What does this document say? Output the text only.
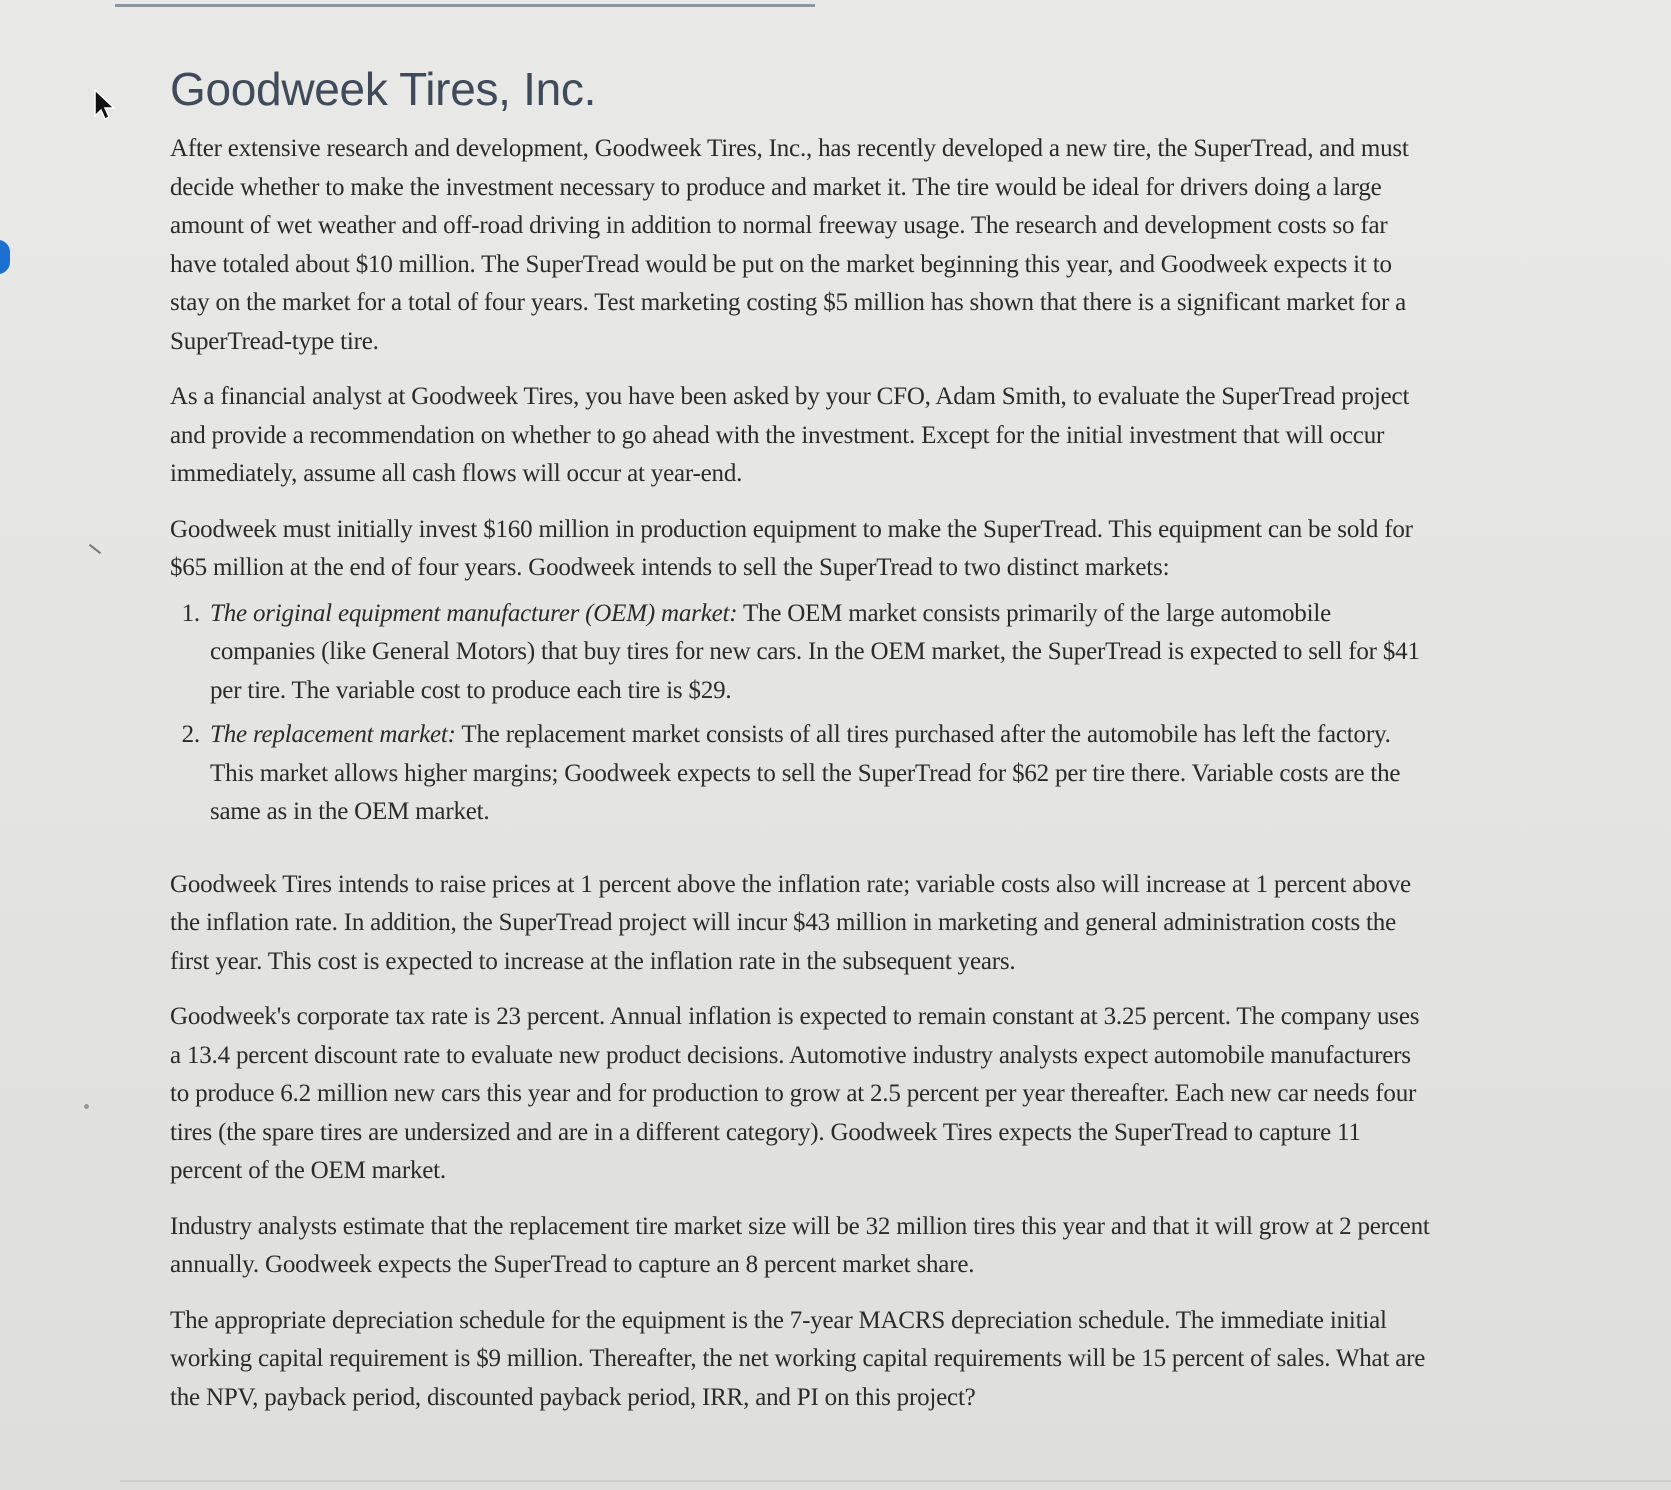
Goodweek Tires, Inc.

After extensive research and development, Goodweek Tires, Inc., has recently developed a new tire, the SuperTread, and must decide whether to make the investment necessary to produce and market it. The tire would be ideal for drivers doing a large amount of wet weather and off-road driving in addition to normal freeway usage. The research and development costs so far have totaled about $10 million. The SuperTread would be put on the market beginning this year, and Goodweek expects it to stay on the market for a total of four years. Test marketing costing $5 million has shown that there is a significant market for a SuperTread-type tire.

As a financial analyst at Goodweek Tires, you have been asked by your CFO, Adam Smith, to evaluate the SuperTread project and provide a recommendation on whether to go ahead with the investment. Except for the initial investment that will occur immediately, assume all cash flows will occur at year-end.

Goodweek must initially invest $160 million in production equipment to make the SuperTread. This equipment can be sold for $65 million at the end of four years. Goodweek intends to sell the SuperTread to two distinct markets:

1. The original equipment manufacturer (OEM) market: The OEM market consists primarily of the large automobile companies (like General Motors) that buy tires for new cars. In the OEM market, the SuperTread is expected to sell for $41 per tire. The variable cost to produce each tire is $29.
2. The replacement market: The replacement market consists of all tires purchased after the automobile has left the factory. This market allows higher margins; Goodweek expects to sell the SuperTread for $62 per tire there. Variable costs are the same as in the OEM market.

Goodweek Tires intends to raise prices at 1 percent above the inflation rate; variable costs also will increase at 1 percent above the inflation rate. In addition, the SuperTread project will incur $43 million in marketing and general administration costs the first year. This cost is expected to increase at the inflation rate in the subsequent years.

Goodweek's corporate tax rate is 23 percent. Annual inflation is expected to remain constant at 3.25 percent. The company uses a 13.4 percent discount rate to evaluate new product decisions. Automotive industry analysts expect automobile manufacturers to produce 6.2 million new cars this year and for production to grow at 2.5 percent per year thereafter. Each new car needs four tires (the spare tires are undersized and are in a different category). Goodweek Tires expects the SuperTread to capture 11 percent of the OEM market.

Industry analysts estimate that the replacement tire market size will be 32 million tires this year and that it will grow at 2 percent annually. Goodweek expects the SuperTread to capture an 8 percent market share.

The appropriate depreciation schedule for the equipment is the 7-year MACRS depreciation schedule. The immediate initial working capital requirement is $9 million. Thereafter, the net working capital requirements will be 15 percent of sales. What are the NPV, payback period, discounted payback period, IRR, and PI on this project?
